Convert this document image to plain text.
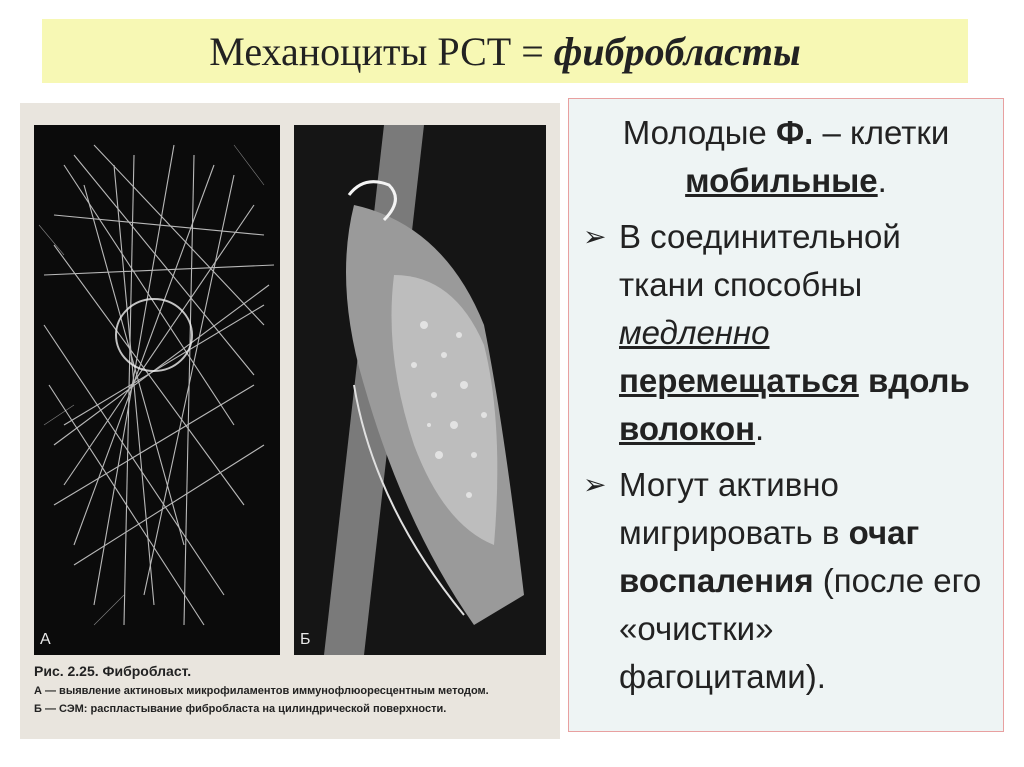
Механоциты РСТ = фибробласты
А	Б
Рис. 2.25. Фибробласт.
А — выявление актиновых микрофиламентов иммунофлюоресцентным методом.
Б — СЭМ: распластывание фибробласта на цилиндрической поверхности.
Молодые Ф. – клетки
мобильные.
➢ В соединительной ткани способны медленно
перемещаться вдоль волокон.
➢ Могут активно мигрировать в очаг
воспаления (после его «очистки» фагоцитами).
